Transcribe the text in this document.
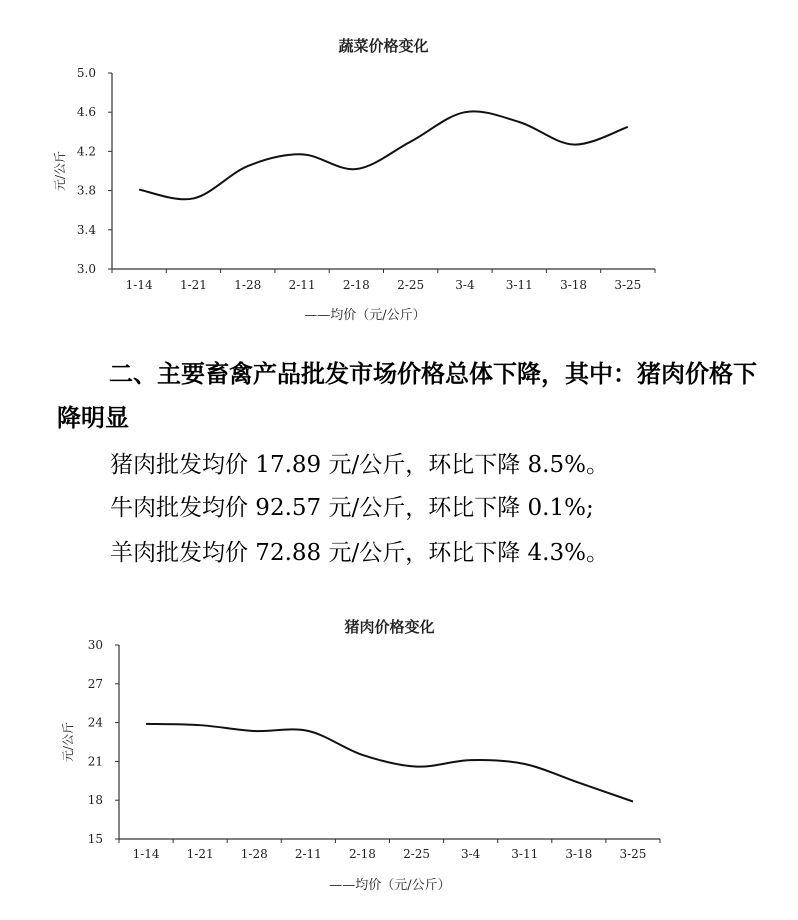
蔬菜价格变化
3.0
3.4
3.8
4.2
4.6
5.0
1-14 1-21 1-28 2-11 2-18 2-25	3-4	3-11 3-18 3-25
元/公斤
——均价（元/公斤）
二、主要畜禽产品批发市场价格总体下降，其中：猪肉价格下降明显

猪肉批发均价 17.89 元/公斤，环比下降 8.5%。

牛肉批发均价 92.57 元/公斤，环比下降 0.1%;

羊肉批发均价 72.88 元/公斤，环比下降 4.3%。

猪肉价格变化
15
18
21
24
27
30
1-14 1-21 1-28 2-11 2-18 2-25	3-4	3-11 3-18 3-25
元/公斤
——均价（元/公斤）
